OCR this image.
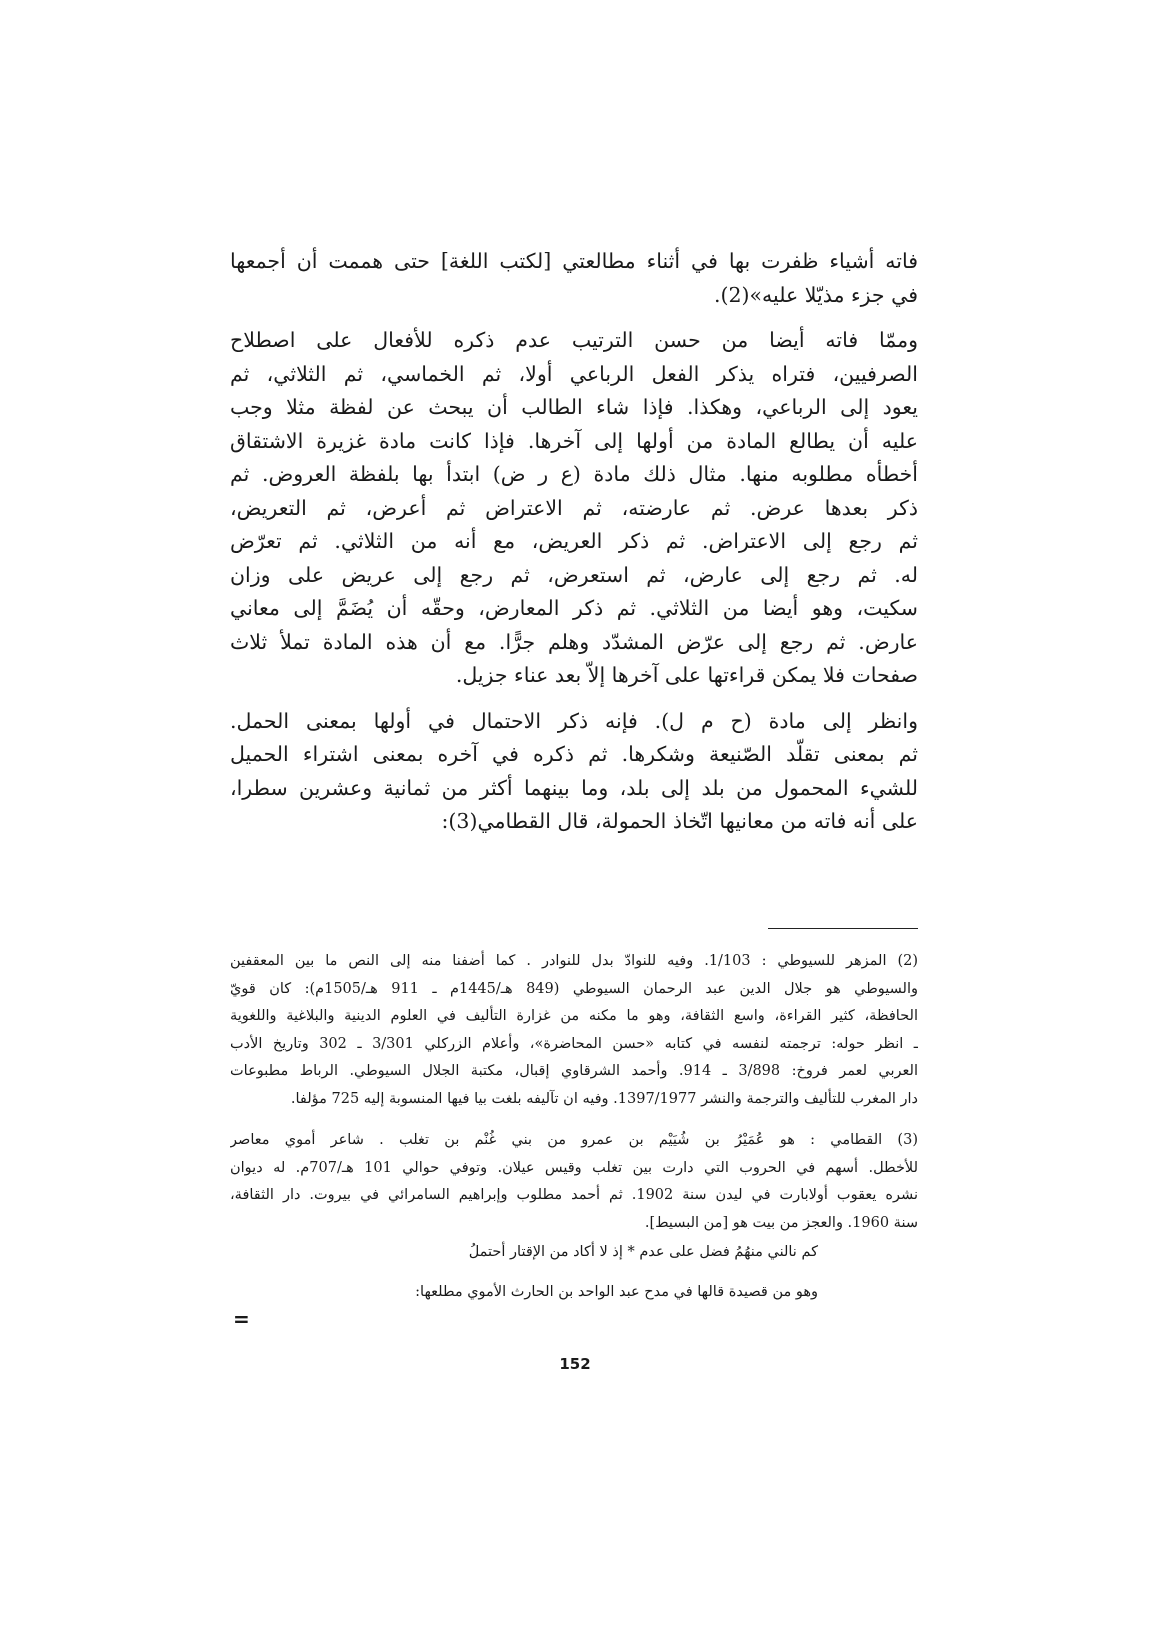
فاته أشياء ظفرت بها في أثناء مطالعتي [لكتب اللغة] حتى هممت أن أجمعها
في جزء مذيّلا عليه»(2).
وممّا فاته أيضا من حسن الترتيب عدم ذكره للأفعال على اصطلاح
الصرفيين، فتراه يذكر الفعل الرباعي أولا، ثم الخماسي، ثم الثلاثي، ثم
يعود إلى الرباعي، وهكذا. فإذا شاء الطالب أن يبحث عن لفظة مثلا وجب
عليه أن يطالع المادة من أولها إلى آخرها. فإذا كانت مادة غزيرة الاشتقاق
أخطأه مطلوبه منها. مثال ذلك مادة (ع ر ض) ابتدأ بها بلفظة العروض. ثم
ذكر بعدها عرض. ثم عارضته، ثم الاعتراض ثم أعرض، ثم التعريض،
ثم رجع إلى الاعتراض. ثم ذكر العريض، مع أنه من الثلاثي. ثم تعرّض
له. ثم رجع إلى عارض، ثم استعرض، ثم رجع إلى عريض على وزان
سكيت، وهو أيضا من الثلاثي. ثم ذكر المعارض، وحقّه أن يُضَمَّ إلى معاني
عارض. ثم رجع إلى عرّض المشدّد وهلم جرًّا. مع أن هذه المادة تملأ ثلاث
صفحات فلا يمكن قراءتها على آخرها إلاّ بعد عناء جزيل.
وانظر إلى مادة (ح م ل). فإنه ذكر الاحتمال في أولها بمعنى الحمل.
ثم بمعنى تقلّد الصّنيعة وشكرها. ثم ذكره في آخره بمعنى اشتراء الحميل
للشيء المحمول من بلد إلى بلد، وما بينهما أكثر من ثمانية وعشرين سطرا،
على أنه فاته من معانيها اتّخاذ الحمولة، قال القطامي(3):
(2) المزهر للسيوطي : 1/103. وفيه للنوادّ بدل للنوادر . كما أضفنا منه إلى النص ما بين المعقفين
والسيوطي هو جلال الدين عبد الرحمان السيوطي (849 هـ/1445م ـ 911 هـ/1505م): كان قويّ
الحافظة، كثير القراءة، واسع الثقافة، وهو ما مكنه من غزارة التأليف في العلوم الدينية والبلاغية واللغوية
ـ انظر حوله: ترجمته لنفسه في كتابه «حسن المحاضرة»، وأعلام الزركلي 3/301 ـ 302 وتاريخ الأدب
العربي لعمر فروخ: 3/898 ـ 914. وأحمد الشرقاوي إقبال، مكتبة الجلال السيوطي. الرباط مطبوعات
دار المغرب للتأليف والترجمة والنشر 1397/1977. وفيه ان تآليفه بلغت بيا فيها المنسوبة إليه 725 مؤلفا.
(3) القطامي : هو عُمَيْرُ بن شُيَيْم بن عمرو من بني غُنْم بن تغلب . شاعر أموي معاصر
للأخطل. أسهم في الحروب التي دارت بين تغلب وقيس عيلان. وتوفي حوالي 101 هـ/707م. له ديوان
نشره يعقوب أولابارت في ليدن سنة 1902. ثم أحمد مطلوب وإبراهيم السامرائي في بيروت. دار الثقافة،
سنة 1960. والعجز من بيت هو [من البسيط].
كم نالني منهُمُ فضل على عدم * إذ لا أكاد من الإقتار أحتملُ
وهو من قصيدة قالها في مدح عبد الواحد بن الحارث الأموي مطلعها:
=
152
